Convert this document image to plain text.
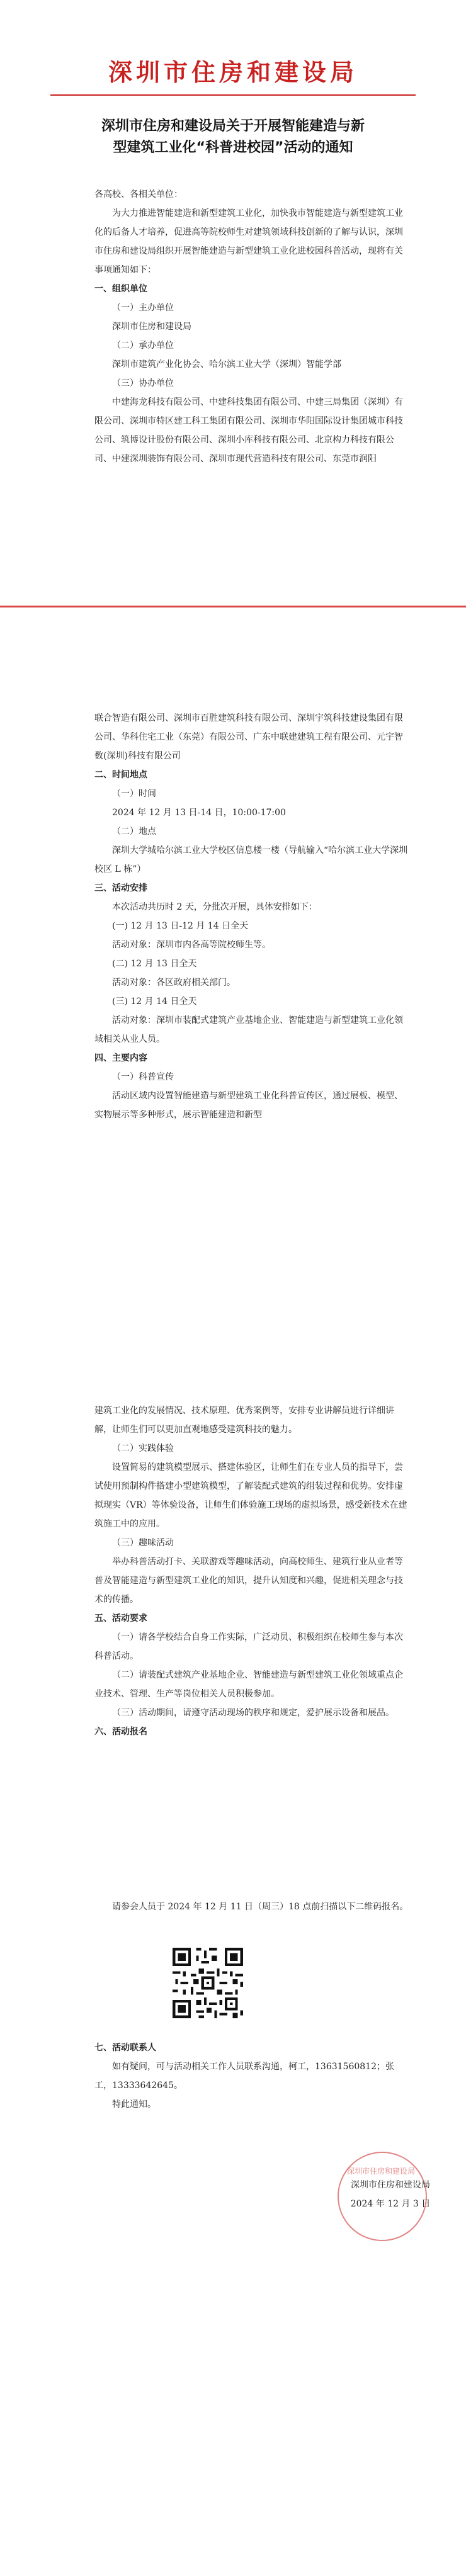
深圳市住房和建设局
深圳市住房和建设局关于开展智能建造与新
型建筑工业化“科普进校园”活动的通知

各高校、各相关单位：

为大力推进智能建造和新型建筑工业化，加快我市智能建造与新型建筑工业化的后备人才培养，促进高等院校师生对建筑领域科技创新的了解与认识，深圳市住房和建设局组织开展智能建造与新型建筑工业化进校园科普活动，现将有关事项通知如下：

一、组织单位

（一）主办单位

深圳市住房和建设局

（二）承办单位

深圳市建筑产业化协会、哈尔滨工业大学（深圳）智能学部

（三）协办单位

中建海龙科技有限公司、中建科技集团有限公司、中建三局集团（深圳）有限公司、深圳市特区建工科工集团有限公司、深圳市华阳国际设计集团城市科技公司、筑博设计股份有限公司、深圳小库科技有限公司、北京构力科技有限公司、中建深圳装饰有限公司、深圳市现代营造科技有限公司、东莞市润阳

联合智造有限公司、深圳市百胜建筑科技有限公司、深圳宇筑科技建设集团有限公司、华科住宅工业（东莞）有限公司、广东中联建建筑工程有限公司、元宇智数(深圳)科技有限公司

二、时间地点

（一）时间

2024 年 12 月 13 日-14 日，10:00-17:00

（二）地点

深圳大学城哈尔滨工业大学校区信息楼一楼（导航输入“哈尔滨工业大学深圳校区 L 栋”）

三、活动安排

本次活动共历时 2 天，分批次开展，具体安排如下：

(一) 12 月 13 日-12 月 14 日全天

活动对象：深圳市内各高等院校师生等。

(二) 12 月 13 日全天

活动对象：各区政府相关部门。

(三) 12 月 14 日全天

活动对象：深圳市装配式建筑产业基地企业、智能建造与新型建筑工业化领域相关从业人员。

四、主要内容

（一）科普宣传

活动区域内设置智能建造与新型建筑工业化科普宣传区，通过展板、模型、实物展示等多种形式，展示智能建造和新型

建筑工业化的发展情况、技术原理、优秀案例等，安排专业讲解员进行详细讲解，让师生们可以更加直观地感受建筑科技的魅力。

（二）实践体验

设置简易的建筑模型展示、搭建体验区，让师生们在专业人员的指导下，尝试使用预制构件搭建小型建筑模型，了解装配式建筑的组装过程和优势。安排虚拟现实（VR）等体验设备，让师生们体验施工现场的虚拟场景，感受新技术在建筑施工中的应用。

（三）趣味活动

举办科普活动打卡、关联游戏等趣味活动，向高校师生、建筑行业从业者等普及智能建造与新型建筑工业化的知识，提升认知度和兴趣，促进相关理念与技术的传播。

五、活动要求

（一）请各学校结合自身工作实际，广泛动员、积极组织在校师生参与本次科普活动。

（二）请装配式建筑产业基地企业、智能建造与新型建筑工业化领域重点企业技术、管理、生产等岗位相关人员积极参加。

（三）活动期间，请遵守活动现场的秩序和规定，爱护展示设备和展品。

六、活动报名

请参会人员于 2024 年 12 月 11 日（周三）18 点前扫描以下二维码报名。

七、活动联系人

如有疑问，可与活动相关工作人员联系沟通，柯工，13631560812；张工，13333642645。

特此通知。

深圳市住房和建设局
深圳市住房和建设局
2024 年 12 月 3 日
